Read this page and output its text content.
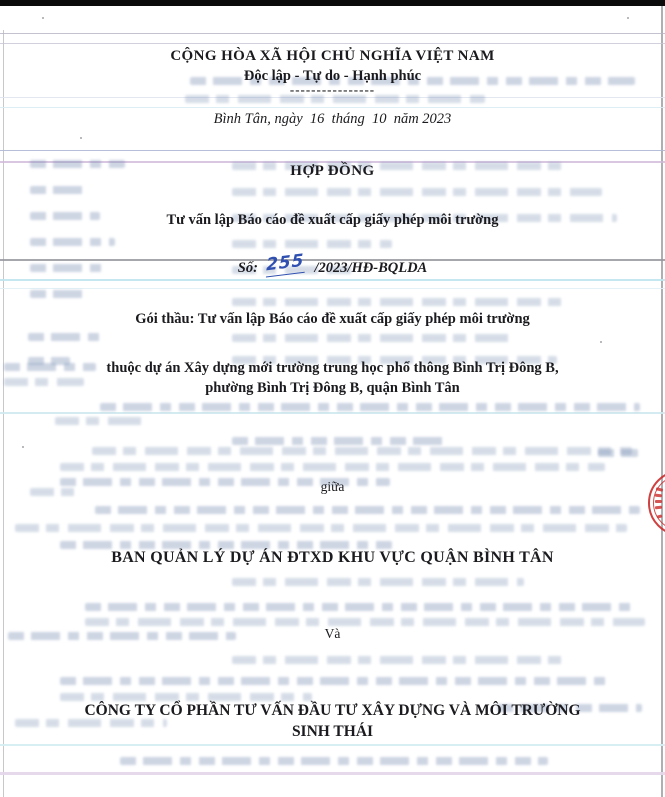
CỘNG HÒA XÃ HỘI CHỦ NGHĨA VIỆT NAM
Độc lập - Tự do - Hạnh phúc
----------------
Bình Tân, ngày  16  tháng  10  năm 2023
HỢP ĐỒNG
Tư vấn lập Báo cáo đề xuất cấp giấy phép môi trường
Số: 255 /2023/HĐ-BQLDA
Gói thầu: Tư vấn lập Báo cáo đề xuất cấp giấy phép môi trường
thuộc dự án Xây dựng mới trường trung học phổ thông Bình Trị Đông B,
phường Bình Trị Đông B, quận Bình Tân
giữa
BAN QUẢN LÝ DỰ ÁN ĐTXD KHU VỰC QUẬN BÌNH TÂN
Và
CÔNG TY CỔ PHẦN TƯ VẤN ĐẦU TƯ XÂY DỰNG VÀ MÔI TRƯỜNG
SINH THÁI
